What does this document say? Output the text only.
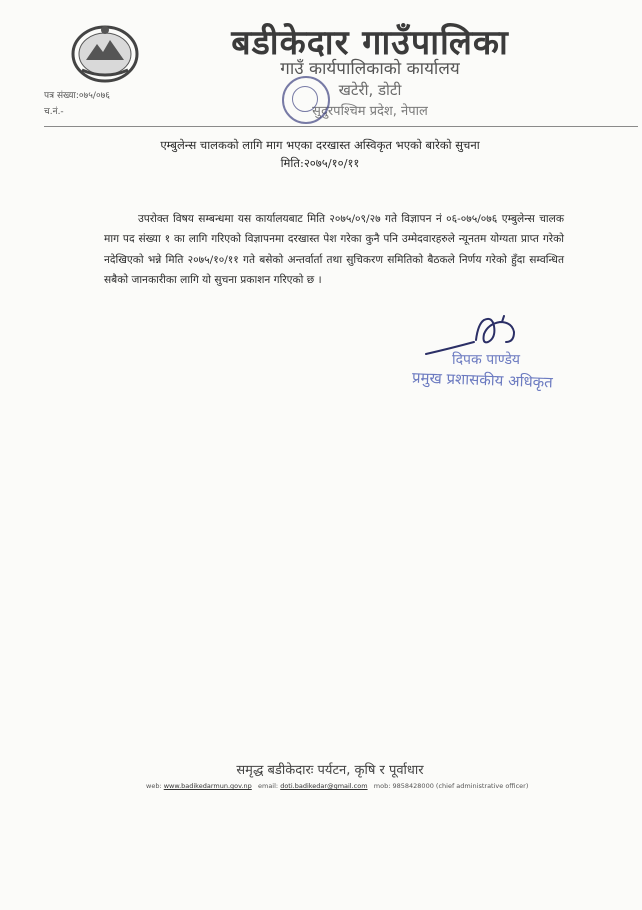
बडीकेदार गाउँपालिका
गाउँ कार्यपालिकाको कार्यालय
खटेरी, डोटी
सुदुरपश्चिम प्रदेश, नेपाल
पत्र संख्या:०७५/०७६
च.नं.-
एम्बुलेन्स चालकको लागि माग भएका दरखास्त अस्विकृत भएको बारेको सुचना
मिति:२०७५/१०/११

उपरोक्त विषय सम्बन्धमा यस कार्यालयबाट मिति २०७५/०९/२७ गते विज्ञापन नं ०६-०७५/०७६ एम्बुलेन्स चालक माग पद संख्या १ का लागि गरिएको विज्ञापनमा दरखास्त पेश गरेका कुनै पनि उम्मेदवारहरुले न्यूनतम योग्यता प्राप्त गरेको नदेखिएको भन्ने मिति २०७५/१०/११ गते बसेको अन्तर्वार्ता तथा सुचिकरण समितिको बैठकले निर्णय गरेको हुँदा सम्वन्धित सबैको जानकारीका लागि यो सुचना प्रकाशन गरिएको छ ।

दिपक पाण्डेय
प्रमुख प्रशासकीय अधिकृत
समृद्ध बडीकेदारः पर्यटन, कृषि र पूर्वाधार
web: www.badikedarmun.gov.np email: doti.badikedar@gmail.com mob: 9858428000 (chief administrative officer)
